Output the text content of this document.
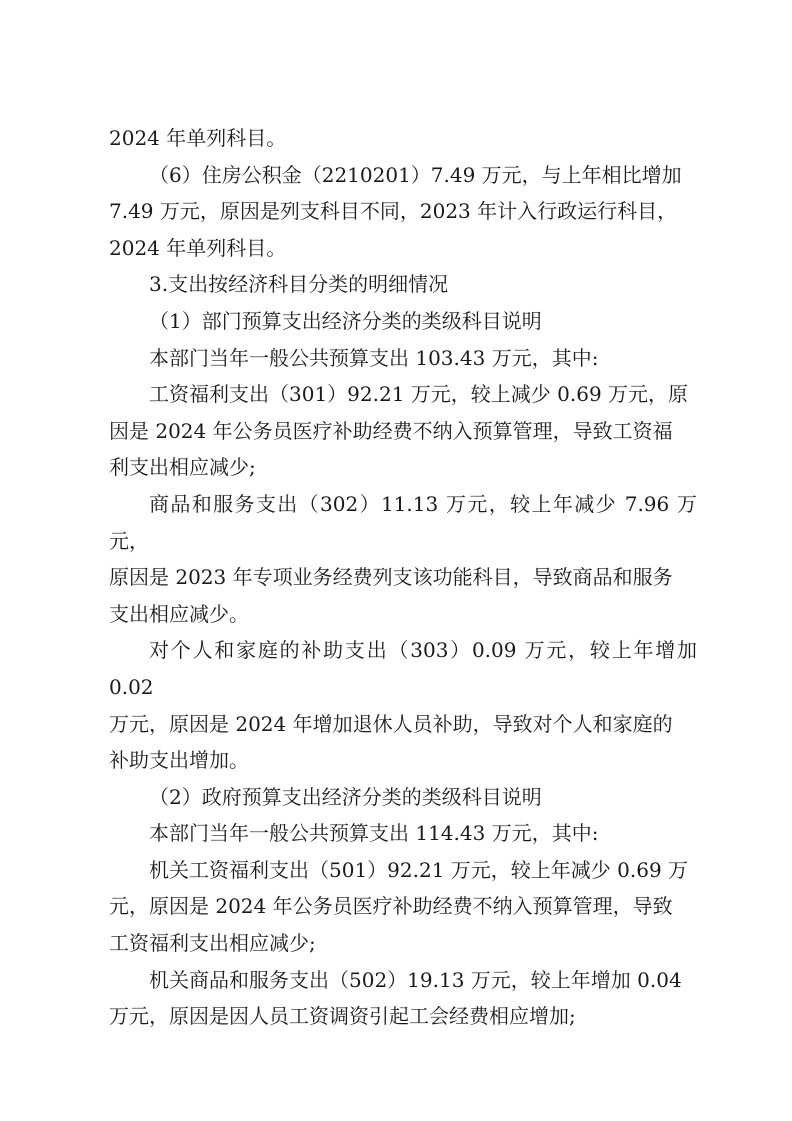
2024 年单列科目。

（6）住房公积金（2210201）7.49 万元，与上年相比增加

7.49 万元，原因是列支科目不同，2023 年计入行政运行科目，

2024 年单列科目。

3.支出按经济科目分类的明细情况

（1）部门预算支出经济分类的类级科目说明

本部门当年一般公共预算支出 103.43 万元，其中:

工资福利支出（301）92.21 万元，较上减少 0.69 万元，原

因是 2024 年公务员医疗补助经费不纳入预算管理，导致工资福

利支出相应减少;

商品和服务支出（302）11.13 万元，较上年减少 7.96 万元，

原因是 2023 年专项业务经费列支该功能科目，导致商品和服务

支出相应减少。

对个人和家庭的补助支出（303）0.09 万元，较上年增加 0.02

万元，原因是 2024 年增加退休人员补助，导致对个人和家庭的

补助支出增加。

（2）政府预算支出经济分类的类级科目说明

本部门当年一般公共预算支出 114.43 万元，其中:

机关工资福利支出（501）92.21 万元，较上年减少 0.69 万

元，原因是 2024 年公务员医疗补助经费不纳入预算管理，导致

工资福利支出相应减少;

机关商品和服务支出（502）19.13 万元，较上年增加 0.04

万元，原因是因人员工资调资引起工会经费相应增加;
